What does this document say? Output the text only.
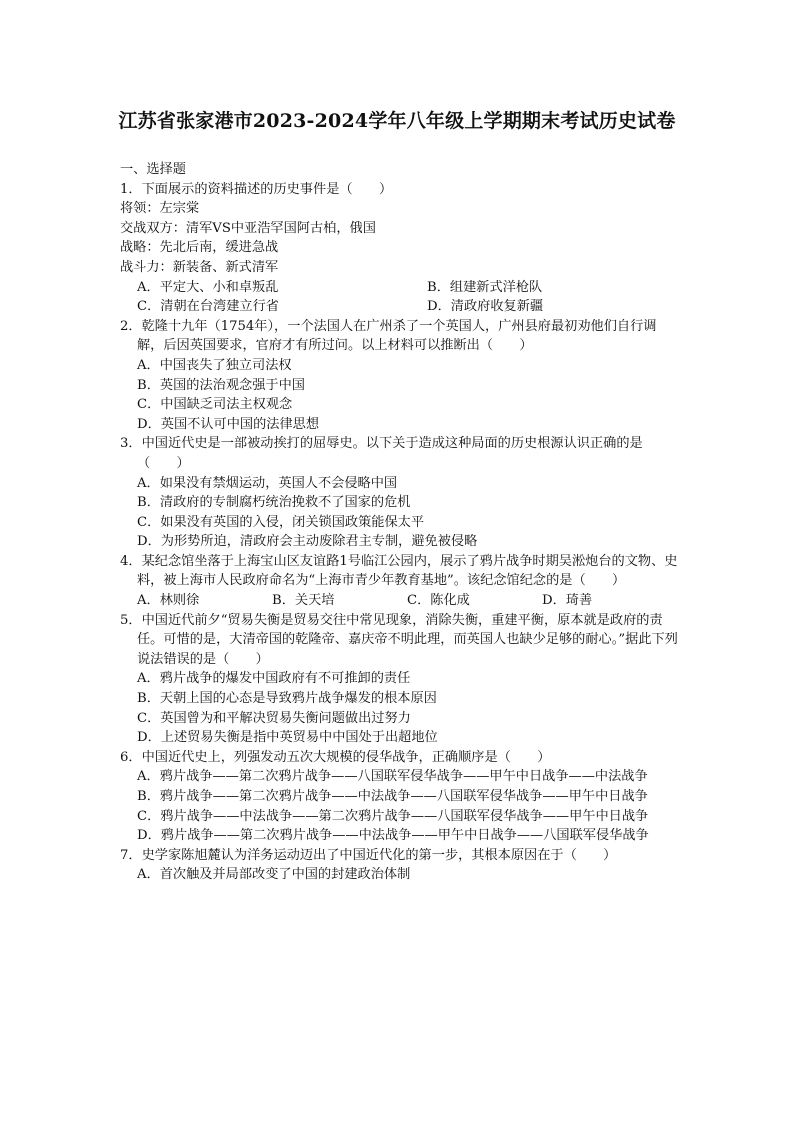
江苏省张家港市2023-2024学年八年级上学期期末考试历史试卷
一、选择题
1．下面展示的资料描述的历史事件是（　　）
将领：左宗棠
交战双方：清军VS中亚浩罕国阿古柏，俄国
战略：先北后南，缓进急战
战斗力：新装备、新式清军
A．平定大、小和卓叛乱	B．组建新式洋枪队
C．清朝在台湾建立行省	D．清政府收复新疆
2．乾隆十九年（1754年），一个法国人在广州杀了一个英国人，广州县府最初劝他们自行调解，后因英国要求，官府才有所过问。以上材料可以推断出（　　）
A．中国丧失了独立司法权
B．英国的法治观念强于中国
C．中国缺乏司法主权观念
D．英国不认可中国的法律思想
3．中国近代史是一部被动挨打的屈辱史。以下关于造成这种局面的历史根源认识正确的是（　　）
A．如果没有禁烟运动，英国人不会侵略中国
B．清政府的专制腐朽统治挽救不了国家的危机
C．如果没有英国的入侵，闭关锁国政策能保太平
D．为形势所迫，清政府会主动废除君主专制，避免被侵略
4．某纪念馆坐落于上海宝山区友谊路1号临江公园内，展示了鸦片战争时期吴淞炮台的文物、史料，被上海市人民政府命名为“上海市青少年教育基地”。该纪念馆纪念的是（　　）
A．林则徐	B．关天培	C．陈化成	D．琦善
5．中国近代前夕“贸易失衡是贸易交往中常见现象，消除失衡，重建平衡，原本就是政府的责任。可惜的是，大清帝国的乾隆帝、嘉庆帝不明此理，而英国人也缺少足够的耐心。”据此下列说法错误的是（　　）
A．鸦片战争的爆发中国政府有不可推卸的责任
B．天朝上国的心态是导致鸦片战争爆发的根本原因
C．英国曾为和平解决贸易失衡问题做出过努力
D．上述贸易失衡是指中英贸易中中国处于出超地位
6．中国近代史上，列强发动五次大规模的侵华战争，正确顺序是（　　）
A．鸦片战争——第二次鸦片战争——八国联军侵华战争——甲午中日战争——中法战争
B．鸦片战争——第二次鸦片战争——中法战争——八国联军侵华战争——甲午中日战争
C．鸦片战争——中法战争——第二次鸦片战争——八国联军侵华战争——甲午中日战争
D．鸦片战争——第二次鸦片战争——中法战争——甲午中日战争——八国联军侵华战争
7．史学家陈旭麓认为洋务运动迈出了中国近代化的第一步，其根本原因在于（　　）
A．首次触及并局部改变了中国的封建政治体制
